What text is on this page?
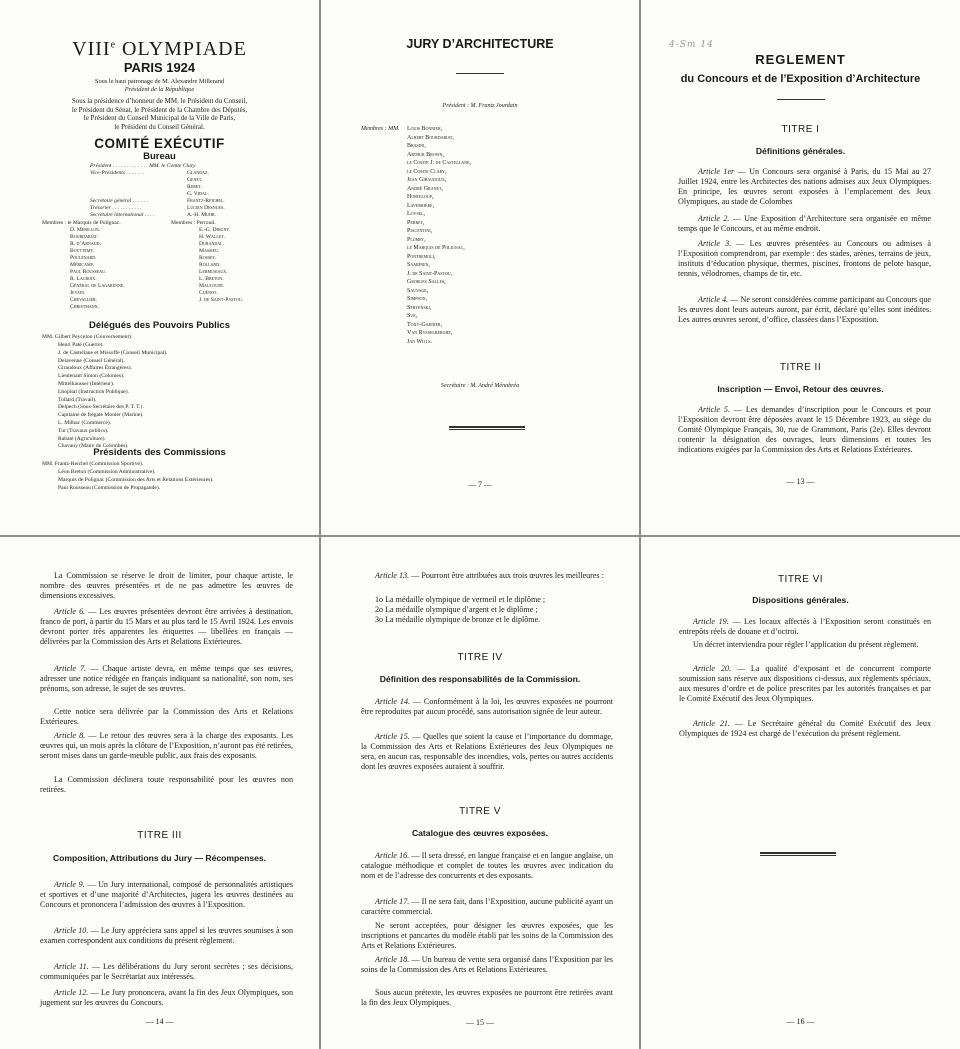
VIIIe OLYMPIADE
PARIS 1924
Sous le haut patronage de M. Alexandre Millerand
Président de la République
Sous la présidence d’honneur de MM. le Président du Conseil,
le Président du Sénat, le Président de la Chambre des Députés,
le Président du Conseil Municipal de la Ville de Paris,
le Président du Conseil Général.
COMITÉ EXÉCUTIF
Bureau
Président . . . . . . . . . . . . . MM. le Comte Clary
Vice-Présidents . . . . . . .
Secrétaire général . . . . . .
Trésorier . . . . . . . . . . .
Secrétaire international . . . .
Glandaz.
Genet.
Rimet.
G. Vidal.
Frantz-Reichel.
Lucien Desnues.
A.-H. Muhr.
Membres : le Marquis de Polignac.	Membres : Perroud.
D. Merillon.
Bourdariat.
R. d’Arnaud.
Bouttemy.
Poulenard.
Méricamp.
Paul Rousseau.
R. Lacroix.
Général de Lagarenne.
Jevain.
Chevallier.
Christmann.
E.-G. Drigny.
H. Wallet.
Durandal.
Massieu.
Rosset.
Rolland.
Lermusiaux.
L. Breton.
Maucourt.
Cuénot.
J. de Saint-Pastou.
Délégués des Pouvoirs Publics
MM. Gilbert Peycelon (Gouvernement).
Henri Paté (Guerre).
J. de Castellane et Missoffe (Conseil Municipal).
Delavenne (Conseil Général).
Giraudoux (Affaires Étrangères).
Lieutenant Simon (Colonies).
Mittelhausser (Intérieur).
Lhopital (Instruction Publique).
Tollard (Travail).
Delpech (Sous-Secrétaire des P. T. T.).
Capitaine de frégate Monier (Marine).
L. Milhac (Commerce).
Tur (Travaux publics).
Rabaté (Agriculture).
Chavany (Maire de Colombes).
Présidents des Commissions
MM. Frantz-Reichel (Commission Sportive).
Léon Breton (Commission Administrative).
Marquis de Polignac (Commission des Arts et Relations Extérieures).
Paul Rousseau (Commission de Propagande).
JURY D’ARCHITECTURE
Président : M. Frantz Jourdain
Membres : MM. Louis Bonnier,
Albert Bourdariat,
Brasini,
Arthur Brown,
le Comte J. de Castellane,
le Comte Clary,
Jean Giraudoux,
André Granet,
Horteloup,
Laverrière,
Loysel,
Perret,
Piacentini,
Plumet,
le Marquis de Polignac,
Pontremoli,
Saarinen,
J. de Saint-Pastou,
Georges Salles,
Sauvage,
Simpson,
Stryenski,
Sue,
Tony-Garnier,
Van Rysselberghe,
Jan Wills.
Secrétaire : M. André Ménabréa
— 7 —
4-Sm 14
REGLEMENT
du Concours et de l’Exposition d’Architecture
TITRE I
Définitions générales.
Article 1er — Un Concours sera organisé à Paris, du 15 Mai au 27 Juillet 1924, entre les Architectes des nations admises aux Jeux Olympiques. En principe, les œuvres seront exposées à l’emplacement des Jeux Olympiques, au stade de Colombes
Article 2. — Une Exposition d’Architecture sera organisée en même temps que le Concours, et au même endroit.
Article 3. — Les œuvres présentées au Concours ou admises à l’Exposition comprendront, par exemple : des stades, arènes, terrains de jeux, instituts d’éducation physique, thermes, piscines, frontons de pelote basque, tennis, vélodromes, champs de tir, etc.
Article 4. — Ne seront considérées comme participant au Concours que les œuvres dont leurs auteurs auront, par écrit, déclaré qu’elles sont inédites. Les autres œuvres seront, d’office, classées dans l’Exposition.
TITRE II
Inscription — Envoi, Retour des œuvres.
Article 5. — Les demandes d’inscription pour le Concours et pour l’Exposition devront être déposées avant le 15 Décembre 1923, au siège du Comité Olympique Français, 30, rue de Grammont, Paris (2e). Elles devront contenir la désignation des ouvrages, leurs dimensions et toutes les indications exigées par la Commission des Arts et Relations Extérieures.
— 13 —
La Commission se réserve le droit de limiter, pour chaque artiste, le nombre des œuvres présentées et de ne pas admettre les œuvres de dimensions excessives.
Article 6. — Les œuvres présentées devront être arrivées à destination, franco de port, à partir du 15 Mars et au plus tard le 15 Avril 1924. Les envois devront porter très apparentes les étiquettes — libellées en français — délivrées par la Commission des Arts et Relations Extérieures.
Article 7. — Chaque artiste devra, en même temps que ses œuvres, adresser une notice rédigée en français indiquant sa nationalité, son nom, ses prénoms, son adresse, le sujet de ses œuvres.
Cette notice sera délivrée par la Commission des Arts et Relations Extérieures.
Article 8. — Le retour des œuvres sera à la charge des exposants. Les œuvres qui, un mois après la clôture de l’Exposition, n’auront pas été retirées, seront mises dans un garde-meuble public, aux frais des exposants.
La Commission déclinera toute responsabilité pour les œuvres non retirées.
TITRE III
Composition, Attributions du Jury — Récompenses.
Article 9. — Un Jury international, composé de personnalités artistiques et sportives et d’une majorité d’Architectes, jugera les œuvres destinées au Concours et prononcera l’admission des œuvres à l’Exposition.
Article 10. — Le Jury appréciera sans appel si les œuvres soumises à son examen correspondent aux conditions du présent règlement.
Article 11. — Les délibérations du Jury seront secrètes ; ses décisions, communiquées par le Secrétariat aux intéressés.
Article 12. — Le Jury prononcera, avant la fin des Jeux Olympiques, son jugement sur les œuvres du Concours.
— 14 —
Article 13. — Pourront être attribuées aux trois œuvres les meilleures :
1o La médaille olympique de vermeil et le diplôme ;
2o La médaille olympique d’argent et le diplôme ;
3o La médaille olympique de bronze et le diplôme.
TITRE IV
Définition des responsabilités de la Commission.
Article 14. — Conformément à la loi, les œuvres exposées ne pourront être reproduites par aucun procédé, sans autorisation signée de leur auteur.
Article 15. — Quelles que soient la cause et l’importance du dommage, la Commission des Arts et Relations Extérieures des Jeux Olympiques ne sera, en aucun cas, responsable des incendies, vols, pertes ou autres accidents dont les œuvres exposées auraient à souffrir.
TITRE V
Catalogue des œuvres exposées.
Article 16. — Il sera dressé, en langue française et en langue anglaise, un catalogue méthodique et complet de toutes les œuvres avec indication du nom et de l’adresse des concurrents et des exposants.
Article 17. — Il ne sera fait, dans l’Exposition, aucune publicité ayant un caractère commercial.
Ne seront acceptées, pour désigner les œuvres exposées, que les inscriptions et pancartes du modèle établi par les soins de la Commission des Arts et Relations Extérieures.
Article 18. — Un bureau de vente sera organisé dans l’Exposition par les soins de la Commission des Arts et Relations Extérieures.
Sous aucun prétexte, les œuvres exposées ne pourront être retirées avant la fin des Jeux Olympiques.
— 15 —
TITRE VI
Dispositions générales.
Article 19. — Les locaux affectés à l’Exposition seront constitués en entrepôts réels de douane et d’octroi.
Un décret interviendra pour régler l’application du présent règlement.
Article 20. — La qualité d’exposant et de concurrent comporte soumission sans réserve aux dispositions ci-dessus, aux règlements spéciaux, aux mesures d’ordre et de police prescrites par les autorités françaises et par le Comité Exécutif des Jeux Olympiques.
Article 21. — Le Secrétaire général du Comité Exécutif des Jeux Olympiques de 1924 est chargé de l’exécution du présent règlement.
— 16 —
